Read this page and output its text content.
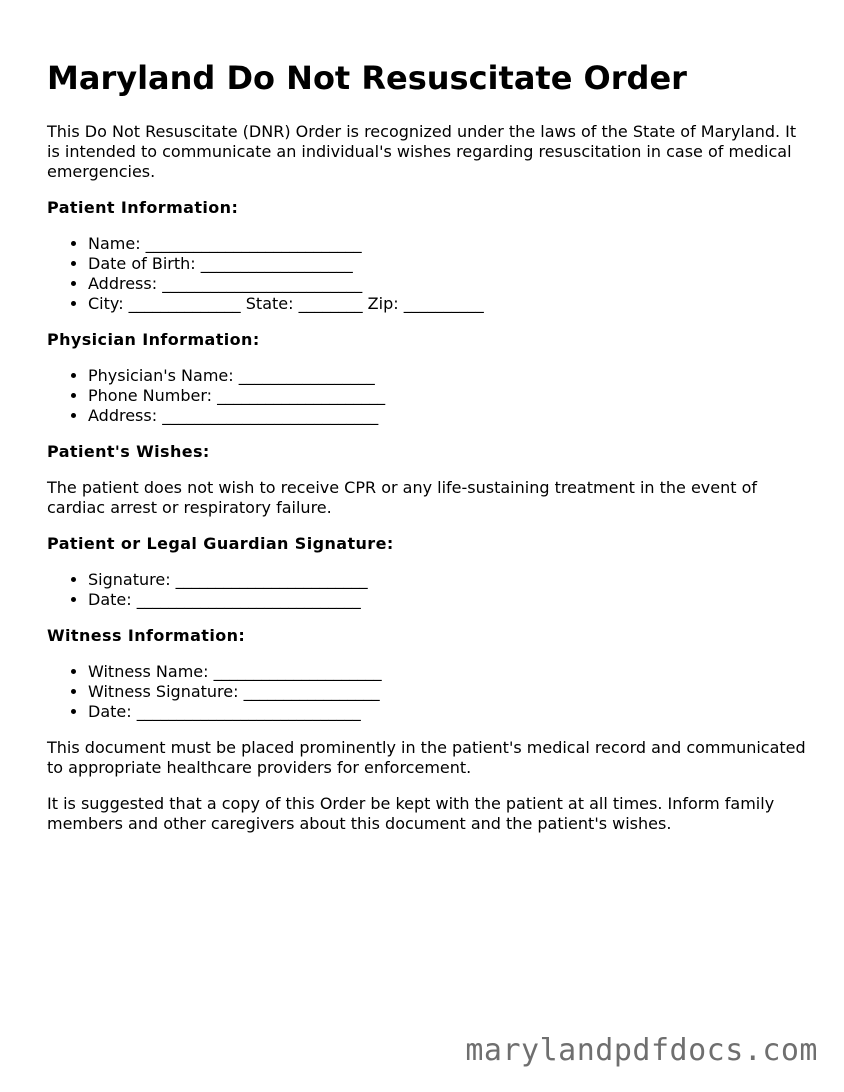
Maryland Do Not Resuscitate Order

This Do Not Resuscitate (DNR) Order is recognized under the laws of the State of Maryland. It is intended to communicate an individual's wishes regarding resuscitation in case of medical emergencies.

Patient Information:
• Name: ___________________________
• Date of Birth: ___________________
• Address: _________________________
• City: ______________ State: ________ Zip: __________
Physician Information:
• Physician's Name: _________________
• Phone Number: _____________________
• Address: ___________________________
Patient's Wishes:

The patient does not wish to receive CPR or any life-sustaining treatment in the event of cardiac arrest or respiratory failure.

Patient or Legal Guardian Signature:
• Signature: ________________________
• Date: ____________________________
Witness Information:
• Witness Name: _____________________
• Witness Signature: _________________
• Date: ____________________________

This document must be placed prominently in the patient's medical record and communicated to appropriate healthcare providers for enforcement.

It is suggested that a copy of this Order be kept with the patient at all times. Inform family members and other caregivers about this document and the patient's wishes.

marylandpdfdocs.com
